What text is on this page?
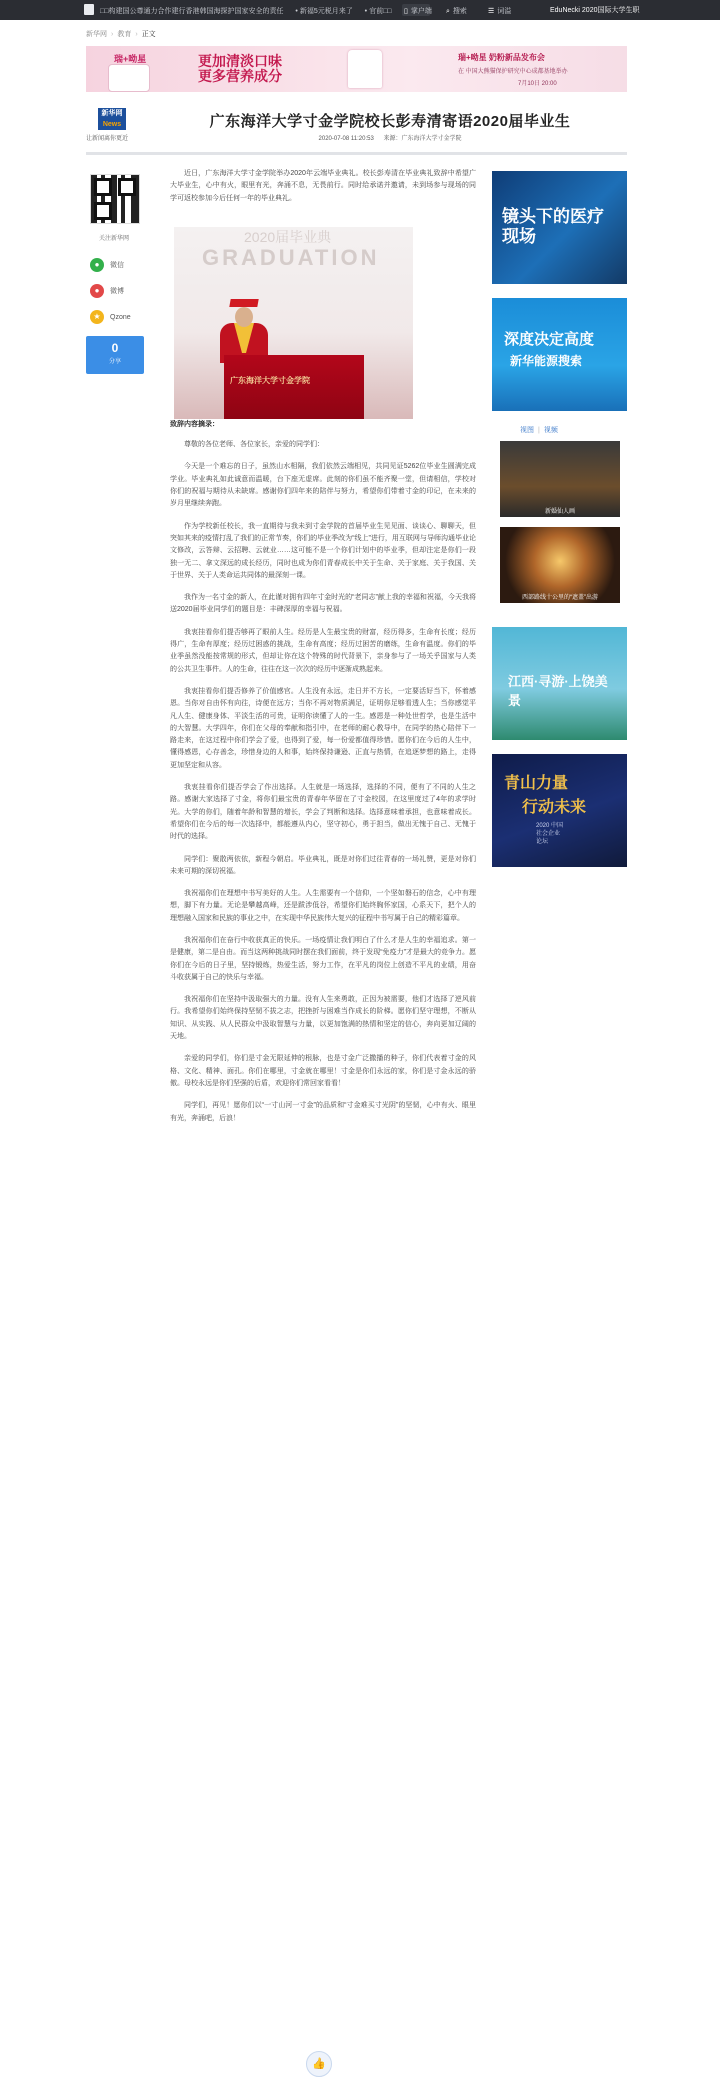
□□构建国公尊通力合作建行香港韩国海探护国家安全的责任 • 新福5元税月来了 • 官前□□	▯ 掌户端 ⌕ 搜索	☰ 词溢	EduNecki 2020国际大学生职
新华网 › 教育 › 正文
瑞+呦星	更加清淡口味
更多营养成分
瑞+呦星 奶粉新品发布会
在 中国大熊猫保护研究中心成都基地举办
7月10日 20:00
新华网
News
让新闻离你更近
广东海洋大学寸金学院校长彭寿清寄语2020届毕业生
2020-07-08 11:20:53 来源：广东海洋大学寸金学院
关注新华网
● 微信
● 微博
★ Qzone
0
分享

近日，广东海洋大学寸金学院举办2020年云端毕业典礼。校长彭寿清在毕业典礼致辞中希望广大毕业生，心中有火，眼里有光，奔涌不息，无畏前行。同时给承诺并邀请，未到场参与现场的同学可返校参加今后任何一年的毕业典礼。

致辞内容摘录：

尊敬的各位老师、各位家长，亲爱的同学们：

今天是一个难忘的日子，虽然山水相隔，我们依然云端相见，共同见证5262位毕业生圆满完成学业。毕业典礼如此诚意而温暖，台下座无虚席。此刻的你们虽不能齐聚一堂，但请相信，学校对你们的祝福与期待从未缺席。感谢你们四年来的陪伴与努力，希望你们带着寸金的印记，在未来的岁月里继续奔跑。

作为学校新任校长，我一直期待与我未到寸金学院的首届毕业生见见面、谈谈心、聊聊天，但突如其来的疫情打乱了我们的正常节奏，你们的毕业季改为“线上”进行，用互联网与导师沟通毕业论文修改，云答辩、云招聘、云就业……这可能不是一个你们计划中的毕业季，但却注定是你们一段独一无二、拿文深远的成长经历，同时也成为你们青春成长中关于生命、关于家庭、关于我国、关于世界、关于人类命运共同体的最深刻一课。

我作为一名寸金的新人，在此谨对拥有四年寸金时光的“老同志”献上我的幸福和祝福，今天我将送2020届毕业同学们的题目是：丰碑深厚的幸福与祝福。

我衷挂看你们提否够再了眼前人生。经历是人生最宝贵的财富，经历得多，生命有长度；经历得广，生命有厚度；经历过困惑的挑战，生命有高度；经历过困苦的磨练，生命有温度。你们的毕业季虽然没能按常规的形式，但却让你在这个特殊的时代背景下，亲身参与了一场关乎国家与人类的公共卫生事件。人的生命，往往在这一次次的经历中逐渐成熟起来。

我衷挂看你们提否修养了价值感官。人生没有永远，走日并不方长，一定要活好当下，怀着感恩。当你对自由怀有向往，诗便在远方；当你不再对物质满足，证明你足够看透人生；当你感觉平凡人生、健康身体、平淡生活的可贵，证明你读懂了人的一生。感恩是一种处世哲学，也是生活中的大智慧。大学四年，你们在父母的奉献和指引中，在老师的耐心教导中，在同学的热心陪伴下一路走来，在这过程中你们学会了爱，也得到了爱，每一份爱都值得珍惜。愿你们在今后的人生中，懂得感恩，心存善念，珍惜身边的人和事，始终保持谦逊、正直与热情，在追逐梦想的路上，走得更加坚定和从容。

我衷挂看你们提否学会了作出选择。人生就是一场选择，选择的不同，便有了不同的人生之路。感谢大家选择了寸金，将你们最宝贵的青春年华留在了寸金校园，在这里度过了4年的求学时光。大学的你们，随着年龄和智慧的增长，学会了判断和选择。选择意味着承担，也意味着成长。希望你们在今后的每一次选择中，都能遵从内心，坚守初心，勇于担当，做出无愧于自己、无愧于时代的选择。

同学们：聚散两依依，新程今朝启。毕业典礼，既是对你们过往青春的一场礼赞，更是对你们未来可期的深切祝福。

我祝福你们在理想中书写美好的人生。人生需要有一个信仰，一个坚如磐石的信念，心中有理想，脚下有力量。无论是攀越高峰，还是跋涉低谷，希望你们始终胸怀家国，心系天下，把个人的理想融入国家和民族的事业之中，在实现中华民族伟大复兴的征程中书写属于自己的精彩篇章。

我祝福你们在奋行中收获真正的快乐。一场疫情让我们明白了什么才是人生的幸福追求。第一是健康，第二是自由。而当这两种挑战同时摆在我们面前，终于发现“免疫力”才是最大的竞争力。愿你们在今后的日子里，坚持锻炼，热爱生活，努力工作，在平凡的岗位上创造不平凡的业绩，用奋斗收获属于自己的快乐与幸福。

我祝福你们在坚持中汲取强大的力量。没有人生来勇敢，正因为被需要，他们才选择了逆风前行。我希望你们始终保持坚韧不拔之志，把挫折与困难当作成长的阶梯。愿你们坚守理想，不断从知识、从实践、从人民群众中汲取智慧与力量，以更加饱满的热情和坚定的信心，奔向更加辽阔的天地。

亲爱的同学们，你们是寸金无限延伸的根脉，也是寸金广泛撒播的种子，你们代表着寸金的风格、文化、精神、面孔。你们在哪里，寸金就在哪里！寸金是你们永远的家，你们是寸金永远的骄傲。母校永远是你们坚强的后盾，欢迎你们常回家看看！

同学们，再见！愿你们以“一寸山河一寸金”的品质和“寸金难买寸光阴”的坚韧，心中有火、眼里有光，奔涌吧，后浪！

2020届毕业典
GRADUATION
广东海洋大学寸金学院
镜头下的医疗现场
深度决定高度
新华能源搜索
视图 | 视频
新婚仙人画
西部路线十公里的“遮盖”出游
江西·寻游·上饶美景
青山力量
行动未来
2020 中国
社会企业
论坛
👍
